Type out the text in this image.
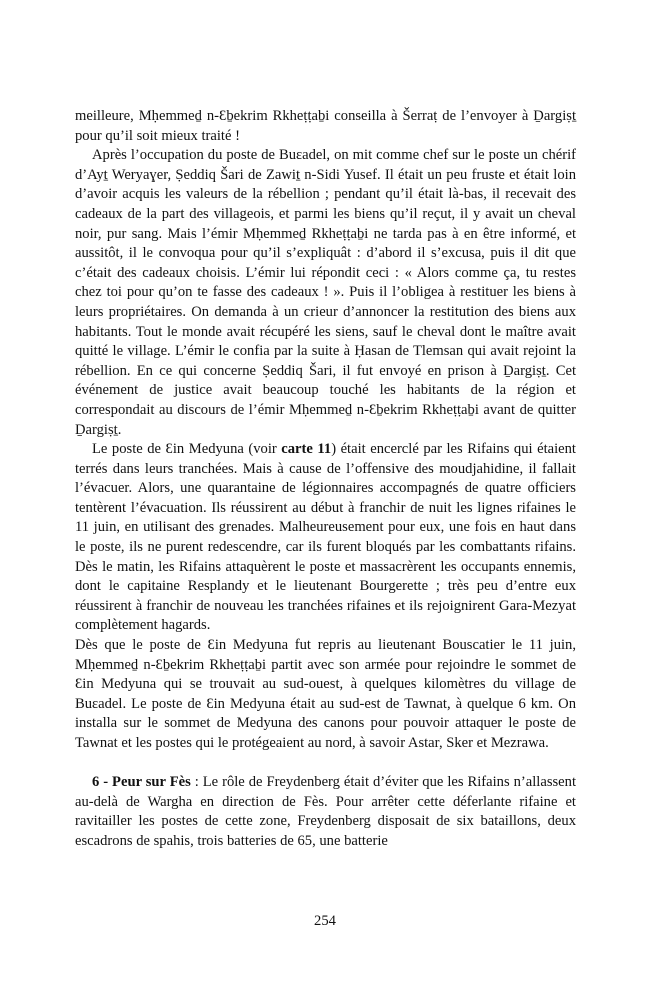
meilleure, Mḥemmeḏ n-Ɛḇekrim Rkheṭṭaḇi conseilla à Šerraṭ de l’envoyer à Ḏargiṣṯ pour qu’il soit mieux traité !

Après l’occupation du poste de Buɛadel, on mit comme chef sur le poste un chérif d’Ayṯ Weryaɣer, Ṣeddiq Šari de Zawiṯ n-Sidi Yusef. Il était un peu fruste et était loin d’avoir acquis les valeurs de la rébellion ; pendant qu’il était là-bas, il recevait des cadeaux de la part des villageois, et parmi les biens qu’il reçut, il y avait un cheval noir, pur sang. Mais l’émir Mḥemmeḏ Rkheṭṭaḇi ne tarda pas à en être informé, et aussitôt, il le convoqua pour qu’il s’expliquât : d’abord il s’excusa, puis il dit que c’était des cadeaux choisis. L’émir lui répondit ceci : « Alors comme ça, tu restes chez toi pour qu’on te fasse des cadeaux ! ». Puis il l’obligea à restituer les biens à leurs propriétaires. On demanda à un crieur d’annoncer la restitution des biens aux habitants. Tout le monde avait récupéré les siens, sauf le cheval dont le maître avait quitté le village. L’émir le confia par la suite à Ḥasan de Tlemsan qui avait rejoint la rébellion. En ce qui concerne Ṣeddiq Šari, il fut envoyé en prison à Ḏargiṣṯ. Cet événement de justice avait beaucoup touché les habitants de la région et correspondait au discours de l’émir Mḥemmeḏ n-Ɛḇekrim Rkheṭṭaḇi avant de quitter Ḏargiṣṯ.

Le poste de Ɛin Medyuna (voir carte 11) était encerclé par les Rifains qui étaient terrés dans leurs tranchées. Mais à cause de l’offensive des moudjahidine, il fallait l’évacuer. Alors, une quarantaine de légionnaires accompagnés de quatre officiers tentèrent l’évacuation. Ils réussirent au début à franchir de nuit les lignes rifaines le 11 juin, en utilisant des grenades. Malheureusement pour eux, une fois en haut dans le poste, ils ne purent redescendre, car ils furent bloqués par les combattants rifains. Dès le matin, les Rifains attaquèrent le poste et massacrèrent les occupants ennemis, dont le capitaine Resplandy et le lieutenant Bourgerette ; très peu d’entre eux réussirent à franchir de nouveau les tranchées rifaines et ils rejoignirent Gara-Mezyat complètement hagards.

Dès que le poste de Ɛin Medyuna fut repris au lieutenant Bouscatier le 11 juin, Mḥemmeḏ n-Ɛḇekrim Rkheṭṭaḇi partit avec son armée pour rejoindre le sommet de Ɛin Medyuna qui se trouvait au sud-ouest, à quelques kilomètres du village de Buɛadel. Le poste de Ɛin Medyuna était au sud-est de Tawnat, à quelque 6 km. On installa sur le sommet de Medyuna des canons pour pouvoir attaquer le poste de Tawnat et les postes qui le protégeaient au nord, à savoir Astar, Sker et Mezrawa.

6 - Peur sur Fès : Le rôle de Freydenberg était d’éviter que les Rifains n’allassent au-delà de Wargha en direction de Fès. Pour arrêter cette déferlante rifaine et ravitailler les postes de cette zone, Freydenberg disposait de six bataillons, deux escadrons de spahis, trois batteries de 65, une batterie

254
